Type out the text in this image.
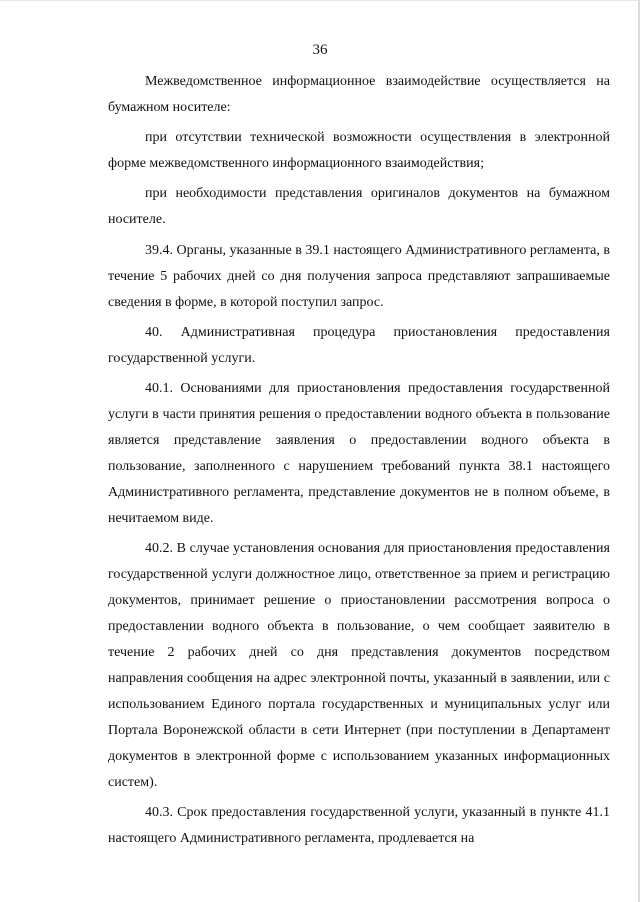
36

Межведомственное информационное взаимодействие осуществляется на бумажном носителе:

при отсутствии технической возможности осуществления в электронной форме межведомственного информационного взаимодействия;

при необходимости представления оригиналов документов на бумажном носителе.

39.4. Органы, указанные в 39.1 настоящего Административного регламента, в течение 5 рабочих дней со дня получения запроса представляют запрашиваемые сведения в форме, в которой поступил запрос.

40. Административная процедура приостановления предоставления государственной услуги.

40.1. Основаниями для приостановления предоставления государственной услуги в части принятия решения о предоставлении водного объекта в пользование является представление заявления о предоставлении водного объекта в пользование, заполненного с нарушением требований пункта 38.1 настоящего Административного регламента, представление документов не в полном объеме, в нечитаемом виде.

40.2. В случае установления основания для приостановления предоставления государственной услуги должностное лицо, ответственное за прием и регистрацию документов, принимает решение о приостановлении рассмотрения вопроса о предоставлении водного объекта в пользование, о чем сообщает заявителю в течение 2 рабочих дней со дня представления документов посредством направления сообщения на адрес электронной почты, указанный в заявлении, или с использованием Единого портала государственных и муниципальных услуг или Портала Воронежской области в сети Интернет (при поступлении в Департамент документов в электронной форме с использованием указанных информационных систем).

40.3. Срок предоставления государственной услуги, указанный в пункте 41.1 настоящего Административного регламента, продлевается на
